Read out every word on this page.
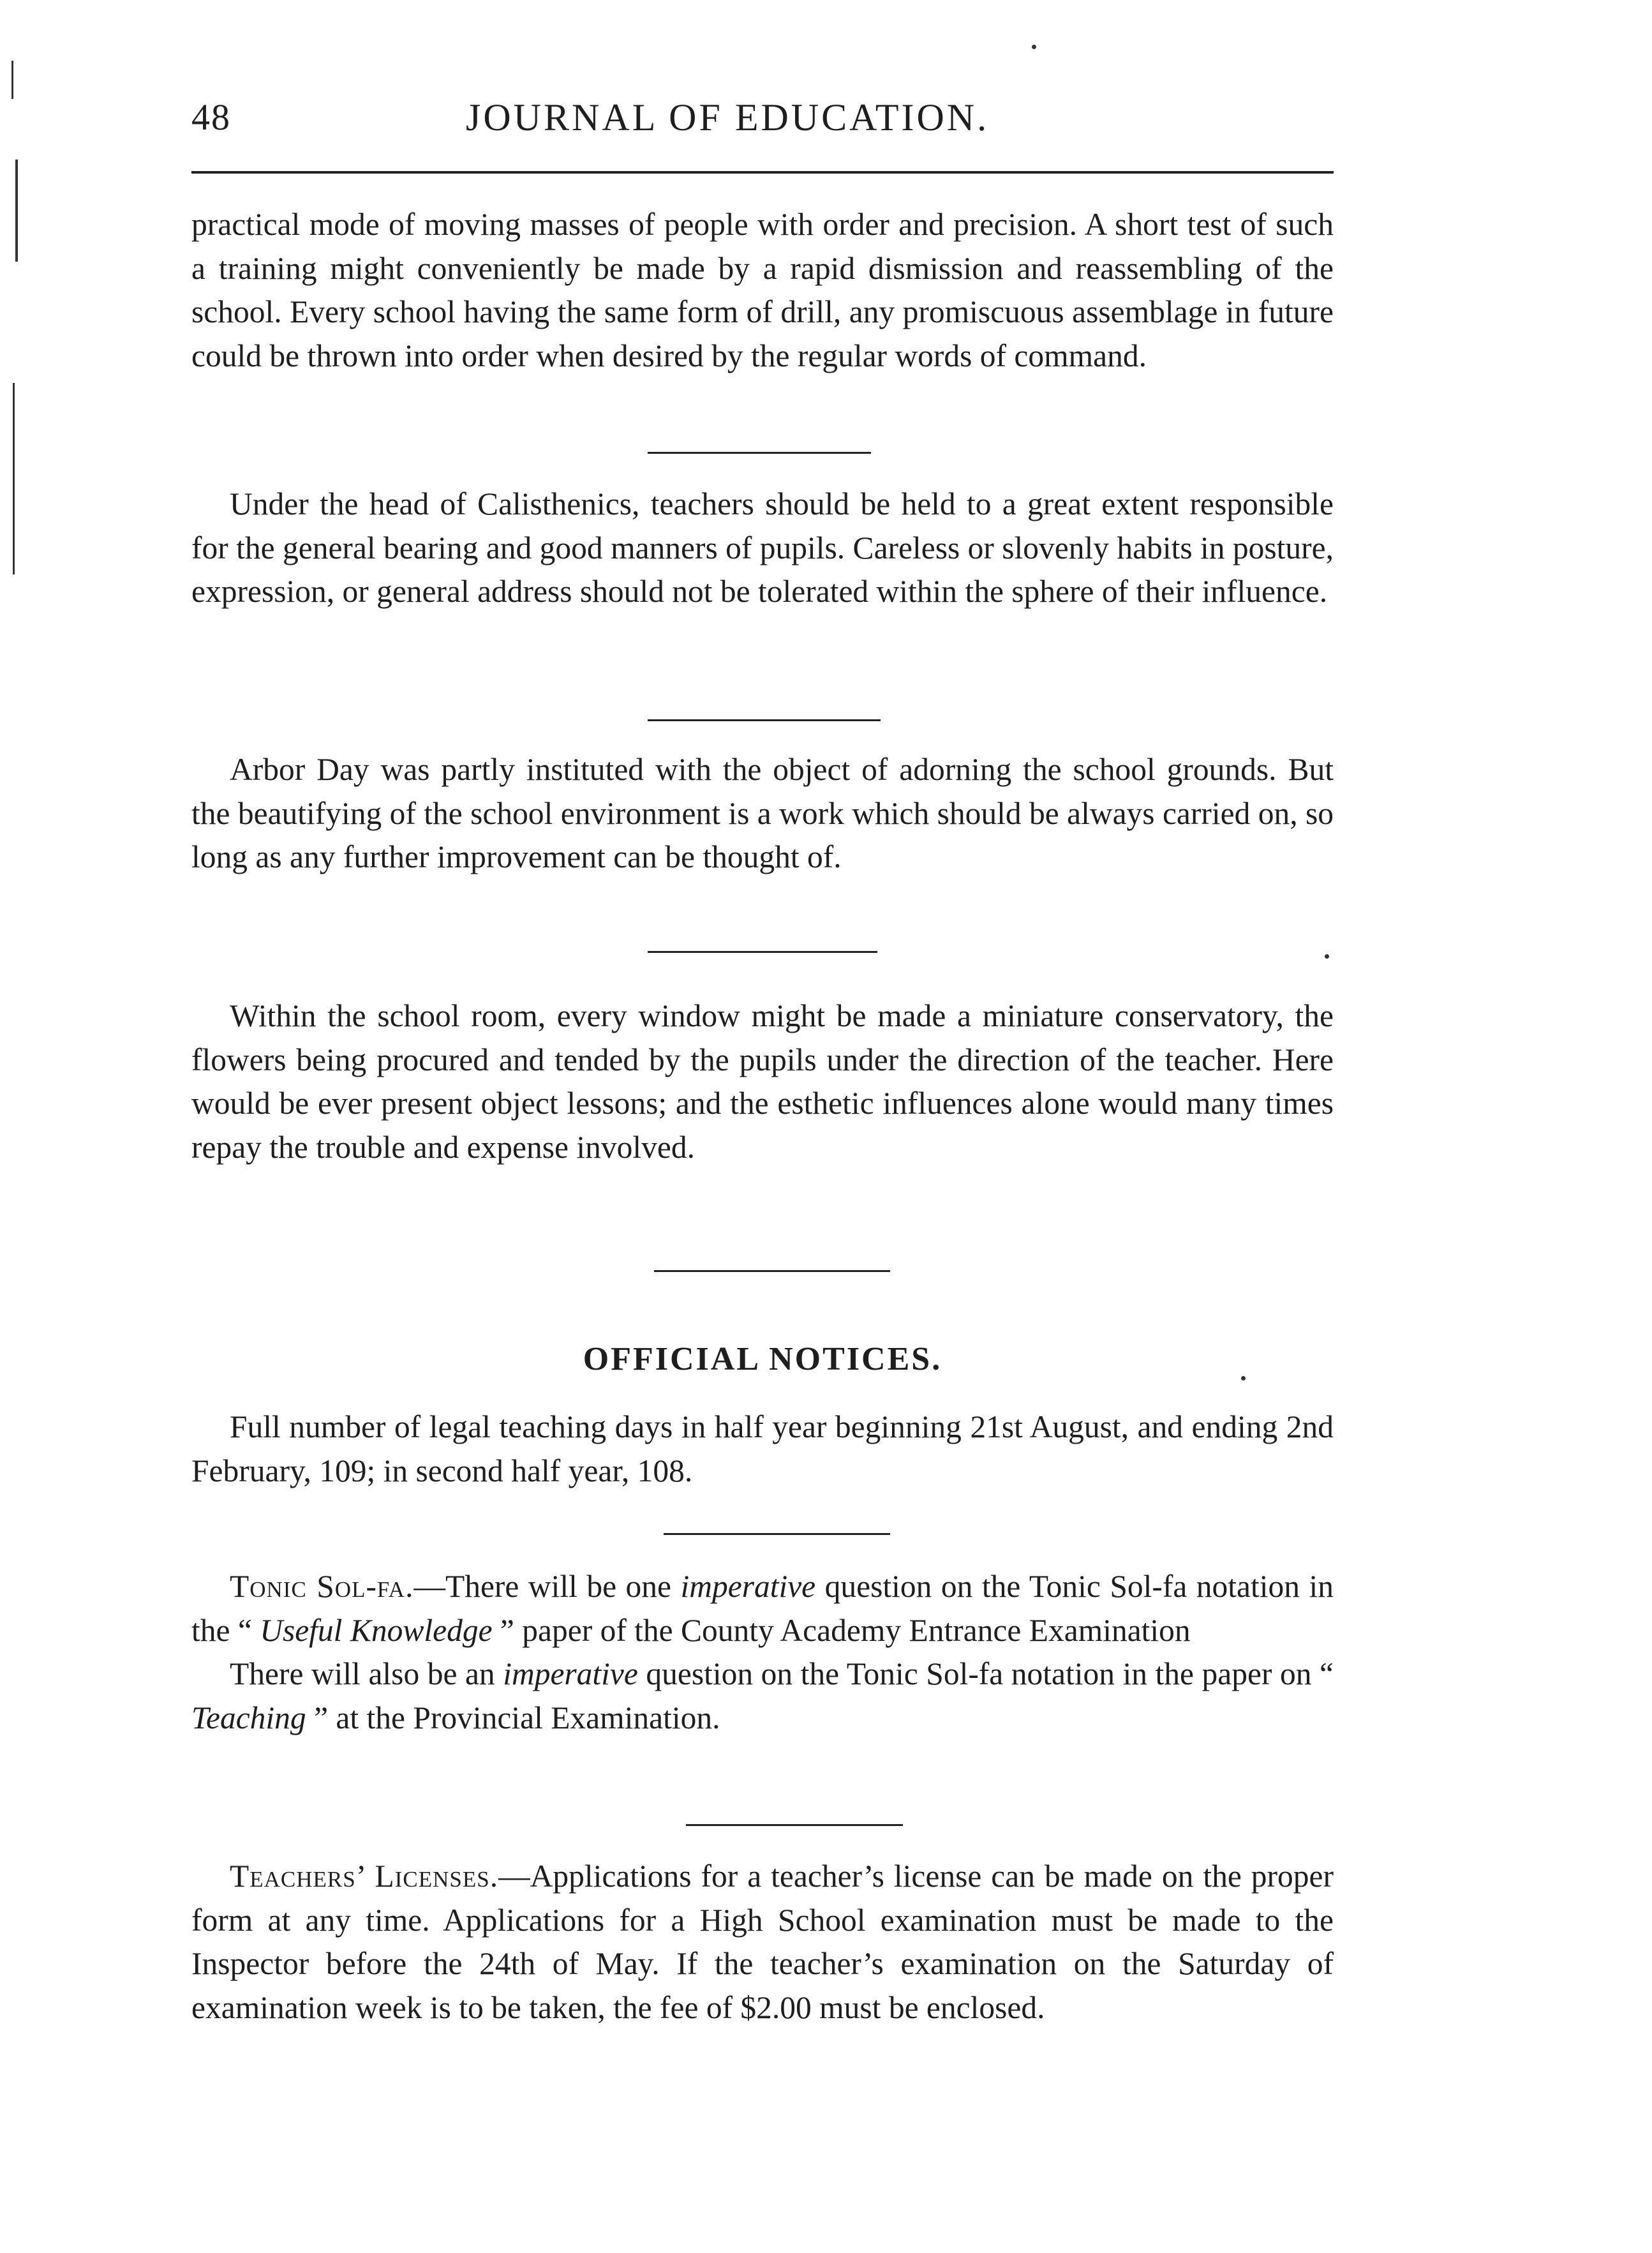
48	JOURNAL OF EDUCATION.

practical mode of moving masses of people with order and precision. A short test of such a training might conveniently be made by a rapid dismission and reassembling of the school. Every school having the same form of drill, any promiscuous assemblage in future could be thrown into order when desired by the regular words of command.

Under the head of Calisthenics, teachers should be held to a great extent responsible for the general bearing and good manners of pupils. Careless or slovenly habits in posture, expression, or general address should not be tolerated within the sphere of their influence.

Arbor Day was partly instituted with the object of adorning the school grounds. But the beautifying of the school environment is a work which should be always carried on, so long as any further improvement can be thought of.

Within the school room, every window might be made a miniature conservatory, the flowers being procured and tended by the pupils under the direction of the teacher. Here would be ever present object lessons; and the esthetic influences alone would many times repay the trouble and expense involved.

OFFICIAL NOTICES.

Full number of legal teaching days in half year beginning 21st August, and ending 2nd February, 109; in second half year, 108.

Tonic Sol-fa.—There will be one imperative question on the Tonic Sol-fa notation in the “ Useful Knowledge ” paper of the County Academy Entrance Examination

There will also be an imperative question on the Tonic Sol-fa notation in the paper on “ Teaching ” at the Provincial Examination.

Teachers’ Licenses.—Applications for a teacher’s license can be made on the proper form at any time. Applications for a High School examination must be made to the Inspector before the 24th of May. If the teacher’s examination on the Saturday of examination week is to be taken, the fee of $2.00 must be enclosed.
